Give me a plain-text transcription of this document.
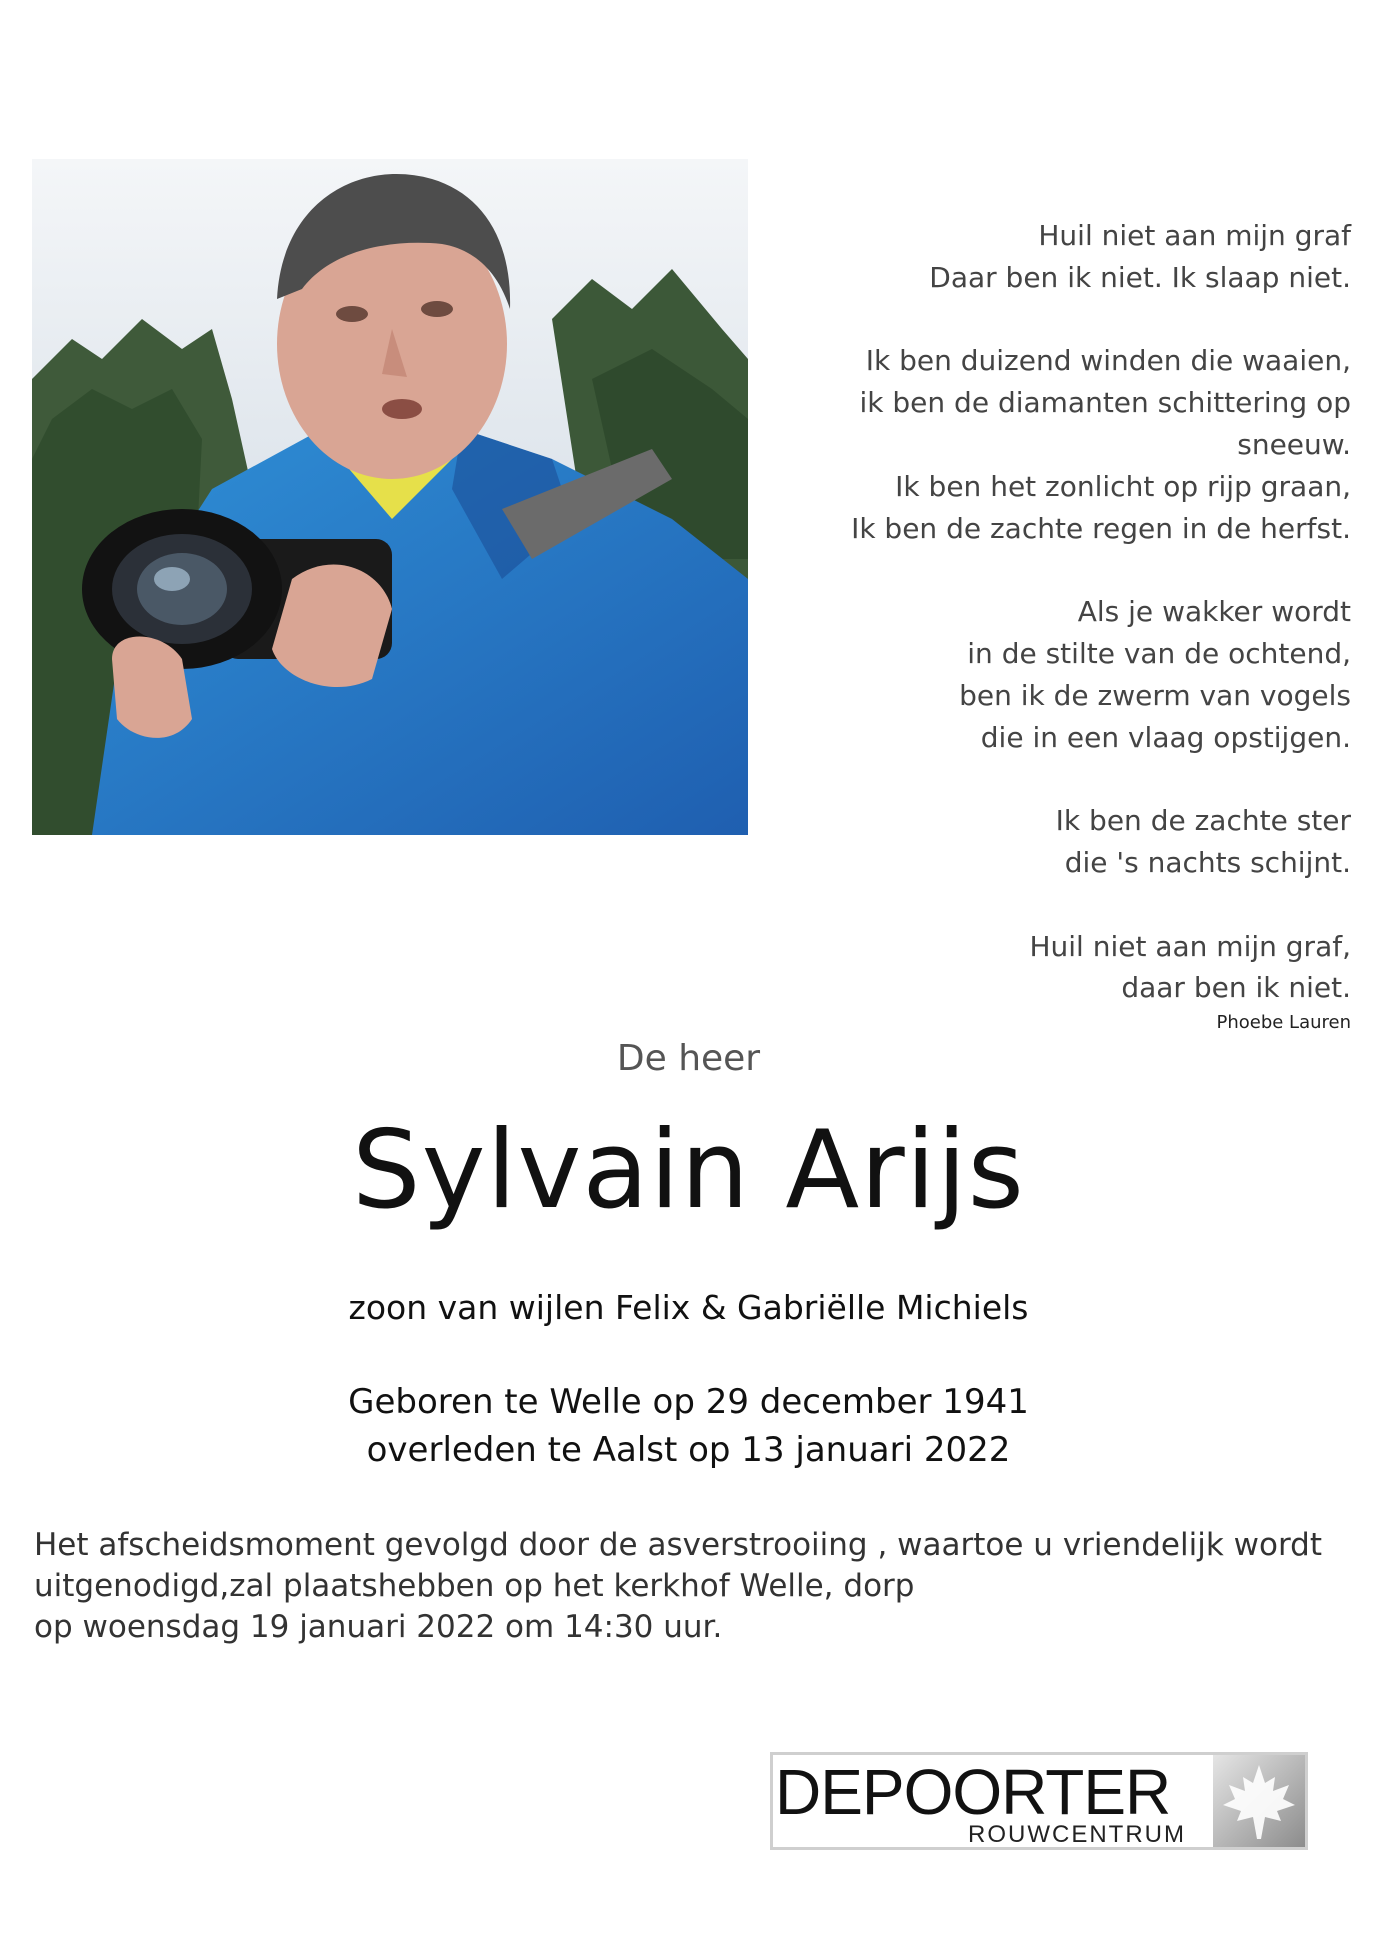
Huil niet aan mijn graf
Daar ben ik niet. Ik slaap niet.
Ik ben duizend winden die waaien,
ik ben de diamanten schittering op
sneeuw.
Ik ben het zonlicht op rijp graan,
Ik ben de zachte regen in de herfst.
Als je wakker wordt
in de stilte van de ochtend,
ben ik de zwerm van vogels
die in een vlaag opstijgen.
Ik ben de zachte ster
die 's nachts schijnt.
Huil niet aan mijn graf,
daar ben ik niet.
Phoebe Lauren
De heer
Sylvain Arijs
zoon van wijlen Felix & Gabriëlle Michiels
Geboren te Welle op 29 december 1941
overleden te Aalst op 13 januari 2022
Het afscheidsmoment gevolgd door de asverstrooiing , waartoe u vriendelijk wordt
uitgenodigd,zal plaatshebben op het kerkhof Welle, dorp
op woensdag 19 januari 2022 om 14:30 uur.
DEPOORTER
ROUWCENTRUM
